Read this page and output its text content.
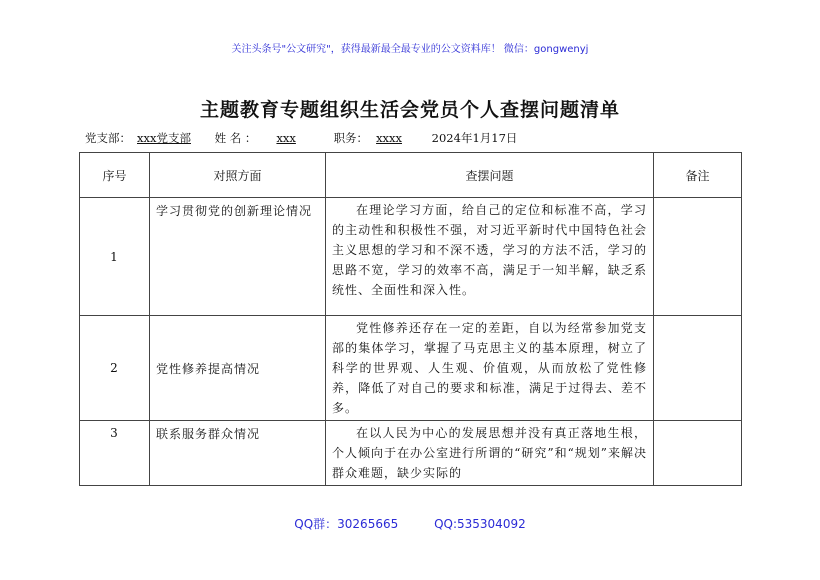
关注头条号"公文研究"，获得最新最全最专业的公文资料库！ 微信：gongwenyj
主题教育专题组织生活会党员个人查摆问题清单
党支部： xxx党支部 姓 名 ： xxx	职务： xxxx	2024年1月17日
序号	对照方面	查摆问题	备注
1	学习贯彻党的创新理论情况	在理论学习方面，给自己的定位和标准不高，学习的主动性和积极性不强，对习近平新时代中国特色社会主义思想的学习和不深不透，学习的方法不活，学习的思路不宽，学习的效率不高，满足于一知半解，缺乏系统性、全面性和深入性。	
2	党性修养提高情况	党性修养还存在一定的差距，自以为经常参加党支部的集体学习，掌握了马克思主义的基本原理，树立了科学的世界观、人生观、价值观，从而放松了党性修养，降低了对自己的要求和标准，满足于过得去、差不多。	
3	联系服务群众情况	在以人民为中心的发展思想并没有真正落地生根，个人倾向于在办公室进行所谓的“研究”和“规划”来解决群众难题，缺少实际的	
QQ群：30265665	QQ:535304092
